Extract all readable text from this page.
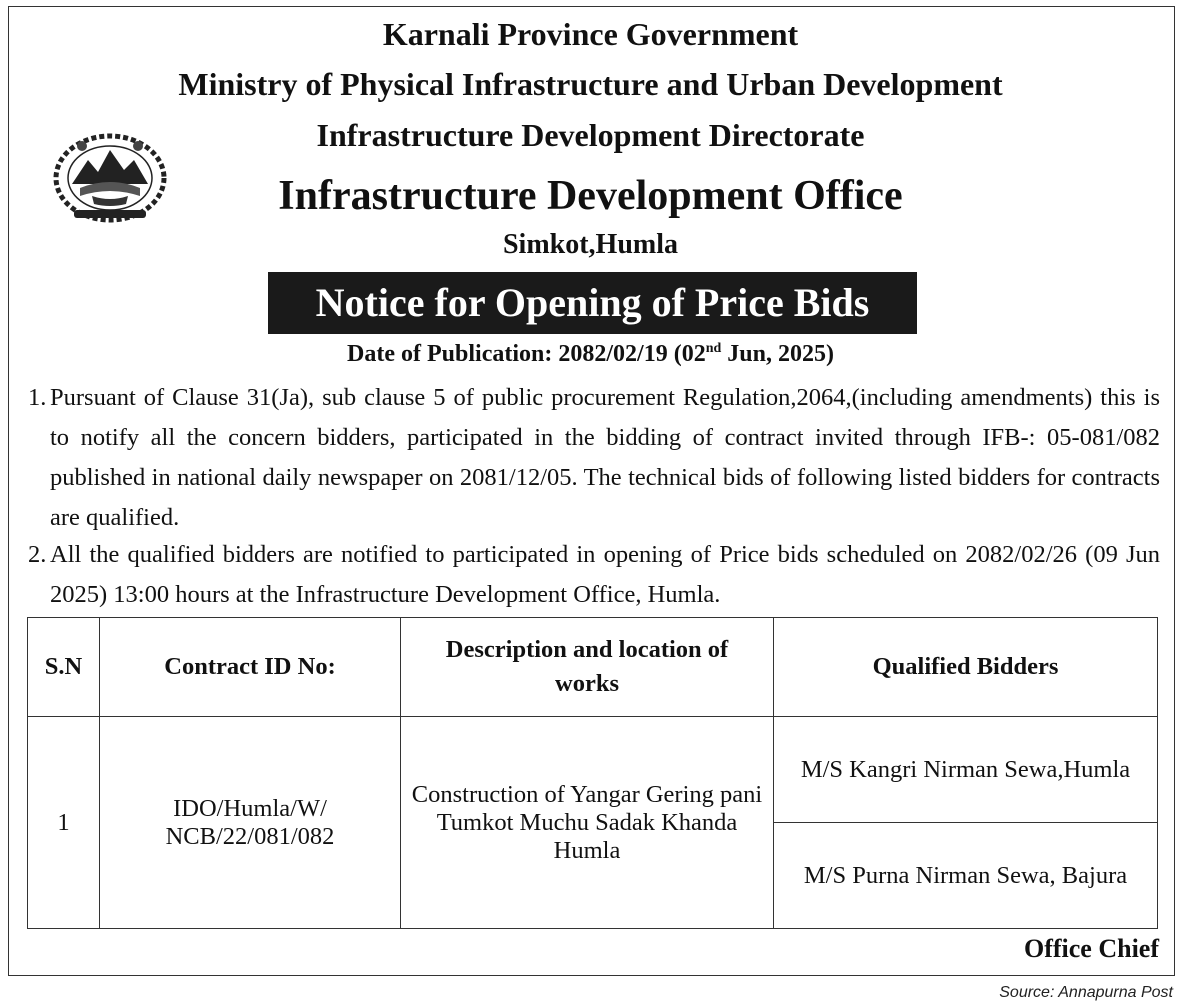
Karnali Province Government
Ministry of Physical Infrastructure and Urban Development
Infrastructure Development Directorate
Infrastructure Development Office
Simkot,Humla
Notice for Opening of Price Bids
Date of Publication: 2082/02/19 (02nd Jun, 2025)
1. Pursuant of Clause 31(Ja), sub clause 5 of public procurement Regulation,2064,(including amendments) this is to notify all the concern bidders, participated in the bidding of contract invited through IFB-: 05-081/082 published in national daily newspaper on 2081/12/05. The technical bids of following listed bidders for contracts are qualified.
2. All the qualified bidders are notified to participated in opening of Price bids scheduled on 2082/02/26 (09 Jun 2025) 13:00 hours at the Infrastructure Development Office, Humla.
S.N	Contract ID No:	Description and location of works	Qualified Bidders
1	IDO/Humla/W/ NCB/22/081/082	Construction of Yangar Gering pani Tumkot Muchu Sadak Khanda Humla	M/S Kangri Nirman Sewa,Humla
			M/S Purna Nirman Sewa, Bajura
Office Chief
Source: Annapurna Post
